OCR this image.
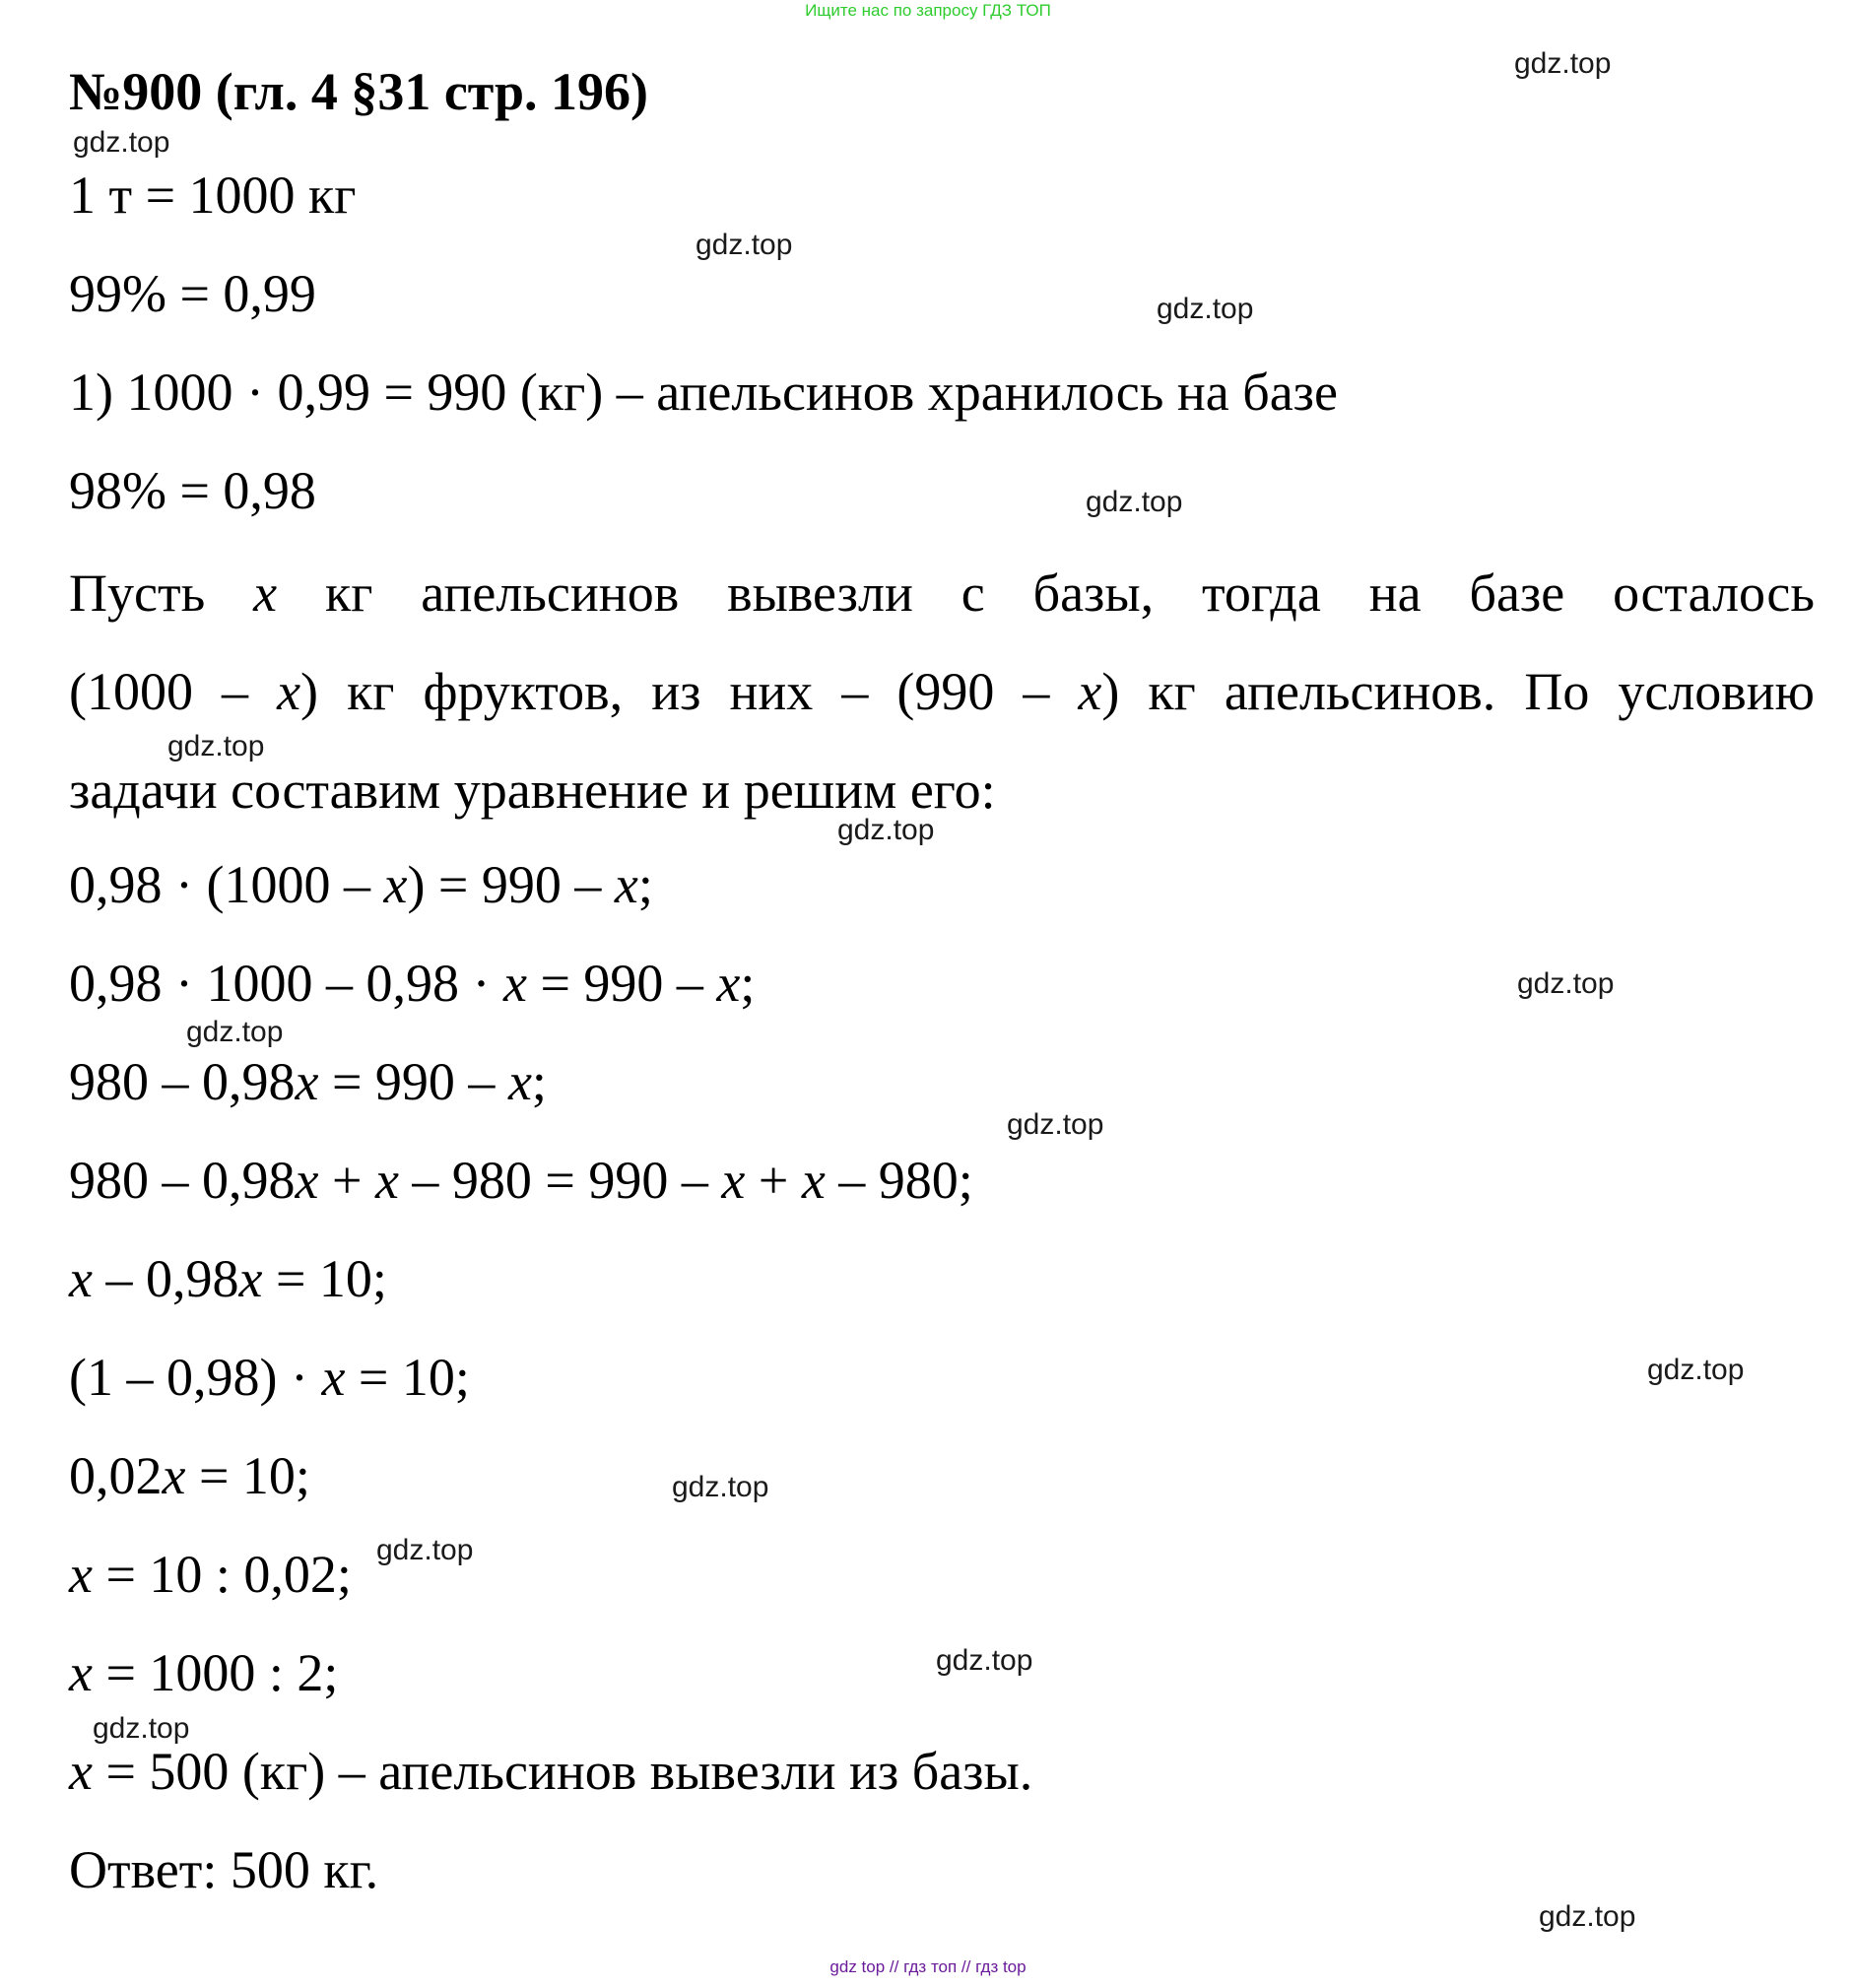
Ищите нас по запросу ГДЗ ТОП
№900 (гл. 4 §31 стр. 196)
1 т = 1000 кг
99% = 0,99
1) 1000 · 0,99 = 990 (кг) – апельсинов хранилось на базе
98% = 0,98
Пусть x кг апельсинов вывезли с базы, тогда на базе осталось
(1000 – x) кг фруктов, из них – (990 – x) кг апельсинов. По условию
задачи составим уравнение и решим его:
0,98 · (1000 – x) = 990 – x;
0,98 · 1000 – 0,98 · x = 990 – x;
980 – 0,98x = 990 – x;
980 – 0,98x + x – 980 = 990 – x + x – 980;
x – 0,98x = 10;
(1 – 0,98) · x = 10;
0,02x = 10;
x = 10 : 0,02;
x = 1000 : 2;
x = 500 (кг) – апельсинов вывезли из базы.
Ответ: 500 кг.
gdz.top
gdz.top
gdz.top
gdz.top
gdz.top
gdz.top
gdz.top
gdz.top
gdz.top
gdz.top
gdz.top
gdz.top
gdz.top
gdz.top
gdz.top
gdz.top
gdz top // гдз топ // гдз top
